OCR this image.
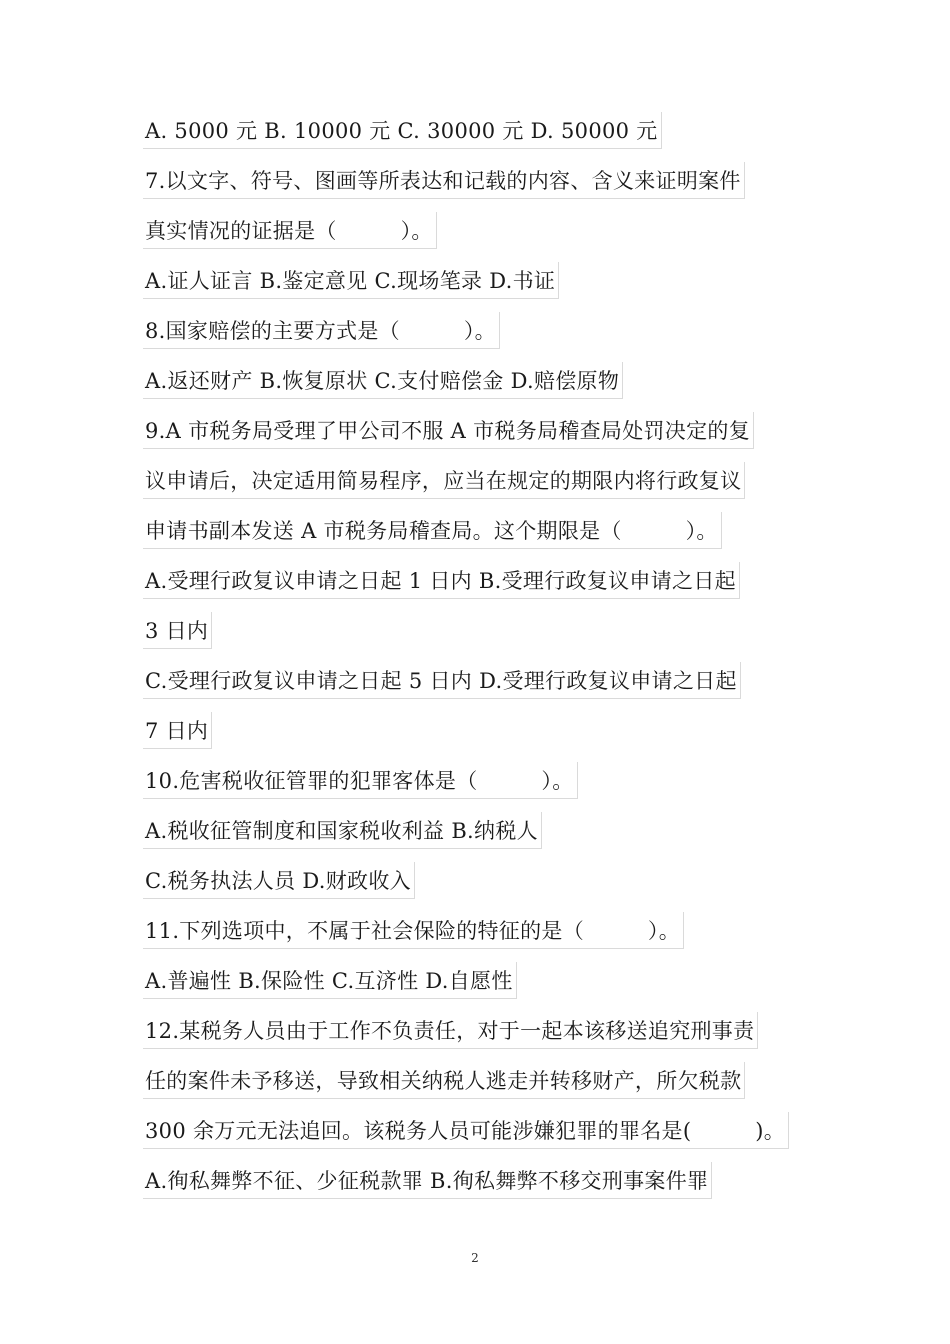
A. 5000 元 B. 10000 元 C. 30000 元 D. 50000 元
7.以文字、符号、图画等所表达和记载的内容、含义来证明案件
真实情况的证据是（　　　）。
A.证人证言 B.鉴定意见 C.现场笔录 D.书证
8.国家赔偿的主要方式是（　　　）。
A.返还财产 B.恢复原状 C.支付赔偿金 D.赔偿原物
9.A 市税务局受理了甲公司不服 A 市税务局稽查局处罚决定的复
议申请后，决定适用简易程序，应当在规定的期限内将行政复议
申请书副本发送 A 市税务局稽查局。这个期限是（　　　）。
A.受理行政复议申请之日起 1 日内 B.受理行政复议申请之日起
3 日内
C.受理行政复议申请之日起 5 日内 D.受理行政复议申请之日起
7 日内
10.危害税收征管罪的犯罪客体是（　　　）。
A.税收征管制度和国家税收利益 B.纳税人
C.税务执法人员 D.财政收入
11.下列选项中，不属于社会保险的特征的是（　　　）。
A.普遍性 B.保险性 C.互济性 D.自愿性
12.某税务人员由于工作不负责任，对于一起本该移送追究刑事责
任的案件未予移送，导致相关纳税人逃走并转移财产，所欠税款
300 余万元无法追回。该税务人员可能涉嫌犯罪的罪名是(　　　)。
A.徇私舞弊不征、少征税款罪 B.徇私舞弊不移交刑事案件罪
2
